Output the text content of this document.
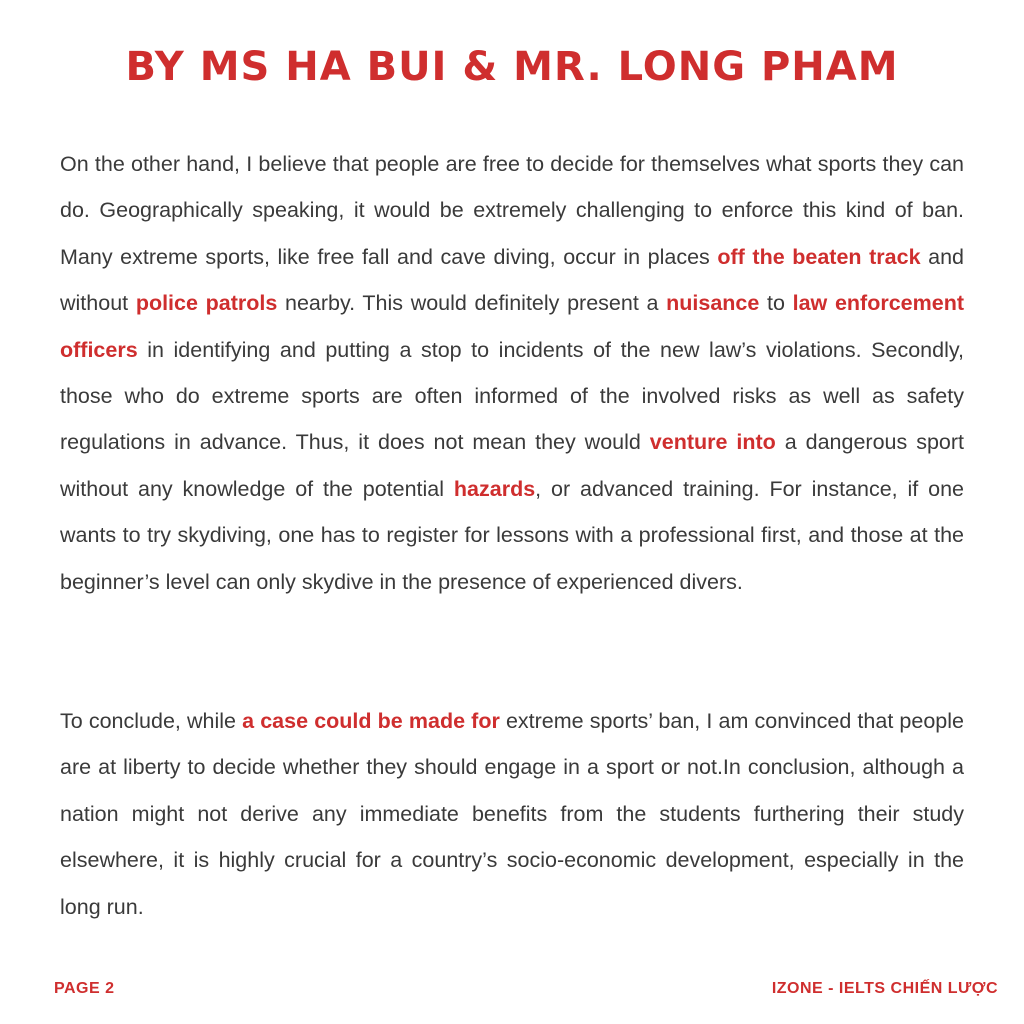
BY MS HA BUI & MR. LONG PHAM

On the other hand, I believe that people are free to decide for themselves what sports they can do. Geographically speaking, it would be extremely challenging to enforce this kind of ban. Many extreme sports, like free fall and cave diving, occur in places off the beaten track and without police patrols nearby. This would definitely present a nuisance to law enforcement officers in identifying and putting a stop to incidents of the new law’s violations. Secondly, those who do extreme sports are often informed of the involved risks as well as safety regulations in advance. Thus, it does not mean they would venture into a dangerous sport without any knowledge of the potential hazards, or advanced training. For instance, if one wants to try skydiving, one has to register for lessons with a professional first, and those at the beginner’s level can only skydive in the presence of experienced divers.

To conclude, while a case could be made for extreme sports’ ban, I am convinced that people are at liberty to decide whether they should engage in a sport or not.In conclusion, although a nation might not derive any immediate benefits from the students furthering their study elsewhere, it is highly crucial for a country’s socio-economic development, especially in the long run.

PAGE 2	IZONE - IELTS CHIẾN LƯỢC
